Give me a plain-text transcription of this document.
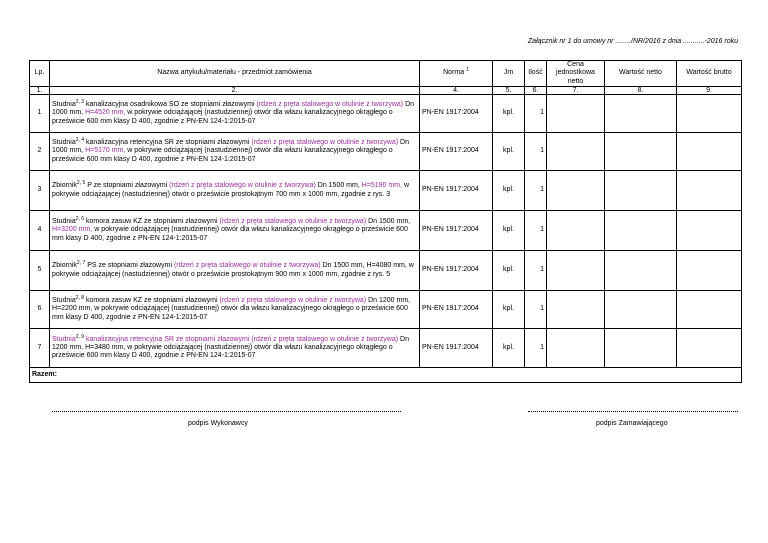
Załącznik nr 1 do umowy nr ......../NR/2016 z dnia ...........-2016 roku
Lp.	Nazwa artykułu/materiału - przedmiot zamówienia	Norma $^1$	Jm	Ilość	Cena jednostkowa netto	Wartość netto	Wartość brutto
1.	2.	4.	5.	6.	7.	8.	9.
1	Studnia$^{2, 3}$ kanalizacyjna osadnikowa SO ze stopniami złazowymi (rdzeń z pręta stalowego w otulinie z tworzywa) Dn 1000 mm, H=4520 mm, w pokrywie odciążającej (nastudziennej) otwór dla włazu kanalizacyjnego okrągłego o prześwicie 600 mm klasy D 400, zgodnie z PN-EN 124-1:2015-07	PN-EN 1917:2004	kpl.	1			
2	Studnia$^{2, 4}$ kanalizacyjna retencyjna SR ze stopniami złazowymi (rdzeń z pręta stalowego w otulinie z tworzywa) Dn 1000 mm, H=5170 mm, w pokrywie odciążającej (nastudziennej) otwór dla włazu kanalizacyjnego okrągłego o prześwicie 600 mm klasy D 400, zgodnie z PN-EN 124-1:2015-07	PN-EN 1917:2004	kpl.	1			
3	Zbiornik$^{2, 5}$ P ze stopniami złazowymi (rdzeń z pręta stalowego w otulinie z tworzywa) Dn 1500 mm, H=5190 mm, w pokrywie odciążającej (nastudziennej) otwór o prześwicie prostokątnym 700 mm x 1000 mm, zgodnie z rys. 3	PN-EN 1917:2004	kpl.	1			
4	Studnia$^{2, 6}$ komora zasuw KZ ze stopniami złazowymi (rdzeń z pręta stalowego w otulinie z tworzywa) Dn 1500 mm, H=3200 mm, w pokrywie odciążającej (nastudziennej) otwór dla włazu kanalizacyjnego okrągłego o prześwicie 600 mm klasy D 400, zgodnie z PN-EN 124-1:2015-07	PN-EN 1917:2004	kpl.	1			
5	Zbiornik$^{2, 7}$ PS ze stopniami złazowymi (rdzeń z pręta stalowego w otulinie z tworzywa) Dn 1500 mm, H=4080 mm, w pokrywie odciążającej (nastudziennej) otwór o prześwicie prostokątnym 900 mm x 1000 mm, zgodnie z rys. 5	PN-EN 1917:2004	kpl.	1			
6	Studnia$^{2, 8}$ komora zasuw KZ ze stopniami złazowymi (rdzeń z pręta stalowego w otulinie z tworzywa) Dn 1200 mm, H=2200 mm, w pokrywie odciążającej (nastudziennej) otwór dla włazu kanalizacyjnego okrągłego o prześwicie 600 mm klasy D 400, zgodnie z PN-EN 124-1:2015-07	PN-EN 1917:2004	kpl.	1			
7	Studnia$^{2, 9}$ kanalizacyjna retencyjna SR ze stopniami złazowymi (rdzeń z pręta stalowego w otulinie z tworzywa) Dn 1200 mm, H=3480 mm, w pokrywie odciążającej (nastudziennej) otwór dla włazu kanalizacyjnego okrągłego o prześwicie 600 mm klasy D 400, zgodnie z PN-EN 124-1:2015-07	PN-EN 1917:2004	kpl.	1			
Razem:							
podpis Wykonawcy	podpis Zamawiającego
